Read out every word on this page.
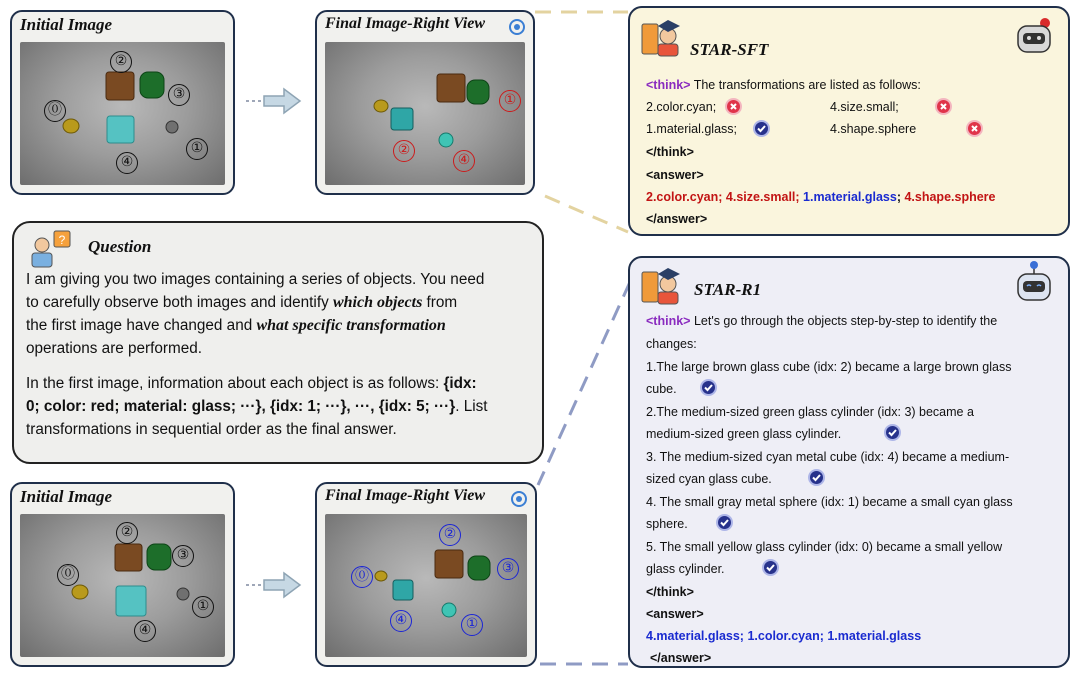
Initial Image
②
③
⓪
①
④
Final Image-Right View
①
②
④
? Question
I am giving you two images containing a series of objects. You need
to carefully observe both images and identify which objects from
the first image have changed and what specific transformation
operations are performed.
In the first image, information about each object is as follows: {idx:
0; color: red; material: glass; ···}, {idx: 1; ···}, ···, {idx: 5; ···}. List
transformations in sequential order as the final answer.
Initial Image
②
③
⓪
①
④
Final Image-Right View
②
③
⓪
④	①
STAR-SFT
<think> The transformations are listed as follows:
2.color.cyan;	4.size.small;
1.material.glass;	4.shape.sphere
</think>
<answer>
2.color.cyan; 4.size.small; 1.material.glass; 4.shape.sphere
</answer>
STAR-R1
<think> Let's go through the objects step-by-step to identify the
changes:
1.The large brown glass cube (idx: 2) became a large brown glass
cube.
2.The medium-sized green glass cylinder (idx: 3) became a
medium-sized green glass cylinder.
3. The medium-sized cyan metal cube (idx: 4) became a medium-
sized cyan glass cube.
4. The small gray metal sphere (idx: 1) became a small cyan glass
sphere.
5. The small yellow glass cylinder (idx: 0) became a small yellow
glass cylinder.
</think>
<answer>
4.material.glass; 1.color.cyan; 1.material.glass
</answer>
